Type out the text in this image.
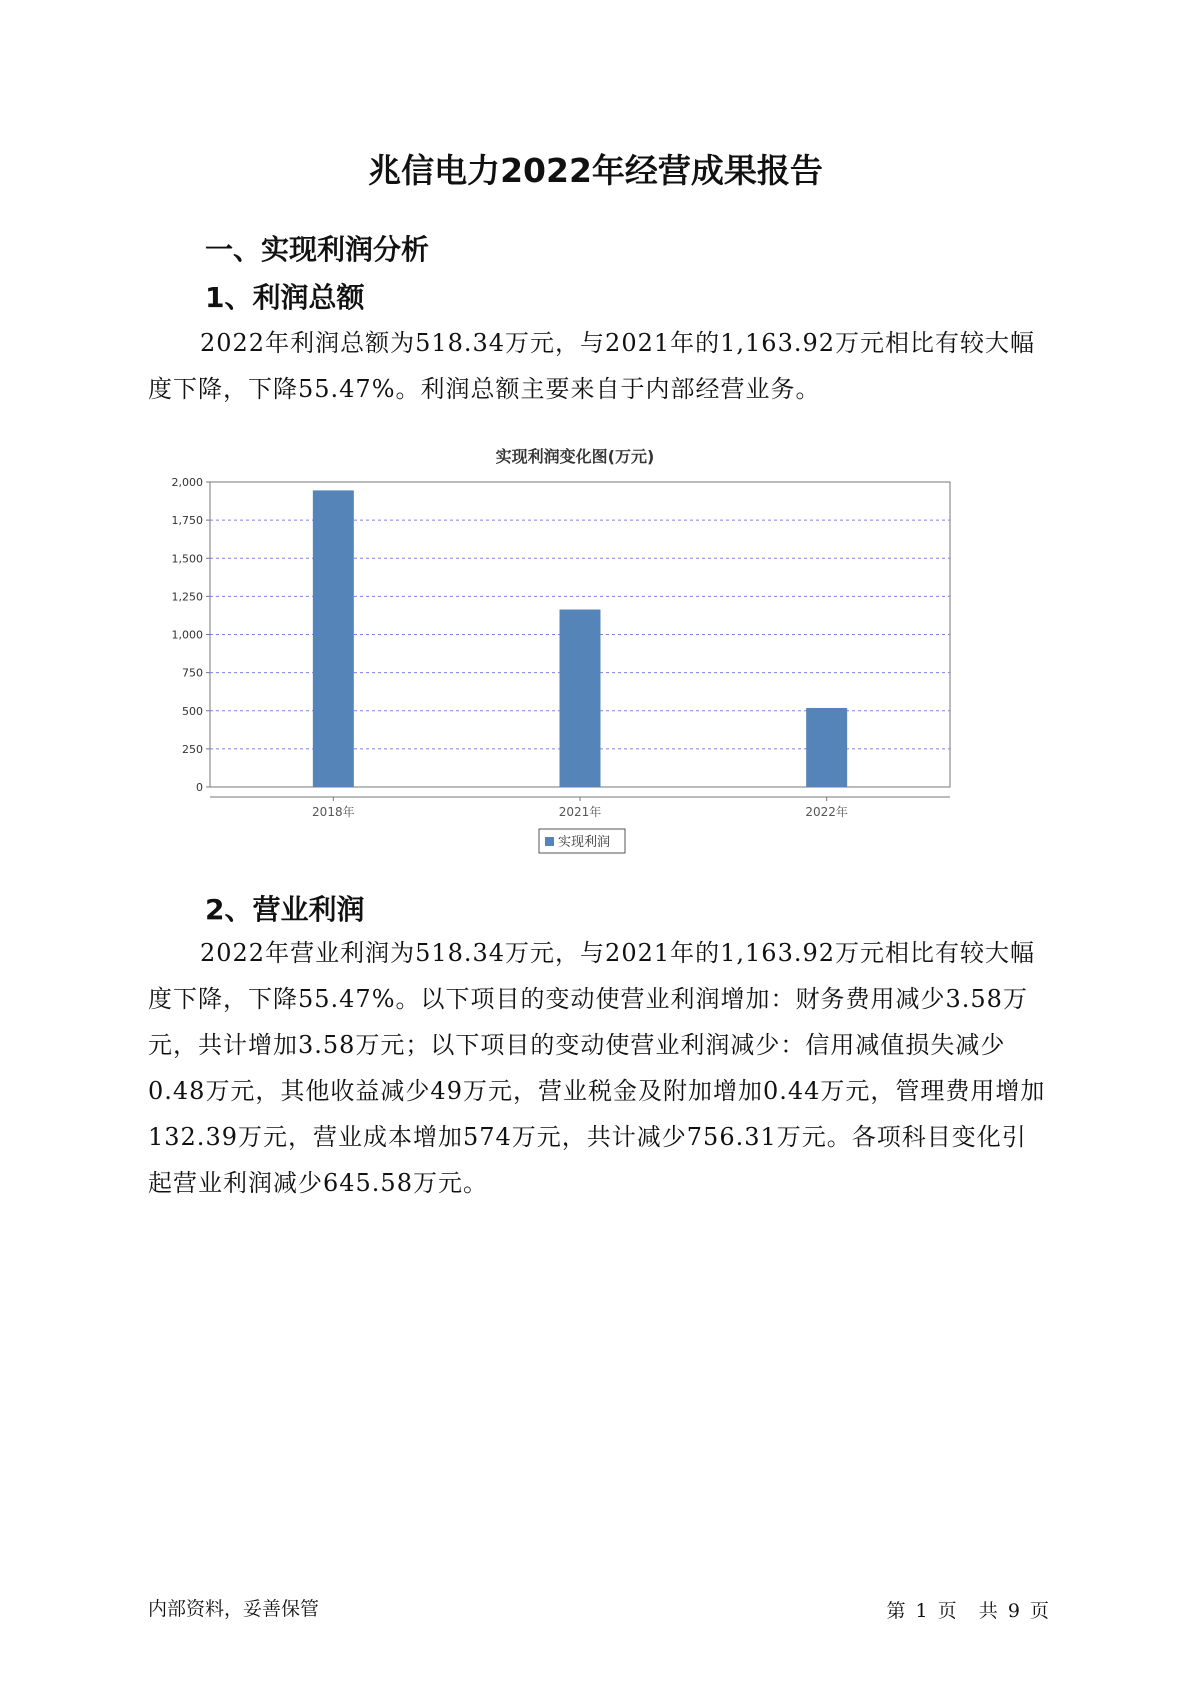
兆信电力2022年经营成果报告
一、实现利润分析
1、利润总额

2022年利润总额为518.34万元，与2021年的1,163.92万元相比有较大幅度下降，下降55.47%。利润总额主要来自于内部经营业务。

实现利润变化图(万元)
0
250
500
750
1,000
1,250
1,500
1,750
2,000
2018年	2021年	2022年
实现利润
2、营业利润

2022年营业利润为518.34万元，与2021年的1,163.92万元相比有较大幅度下降，下降55.47%。以下项目的变动使营业利润增加：财务费用减少3.58万元，共计增加3.58万元；以下项目的变动使营业利润减少：信用减值损失减少0.48万元，其他收益减少49万元，营业税金及附加增加0.44万元，管理费用增加132.39万元，营业成本增加574万元，共计减少756.31万元。各项科目变化引起营业利润减少645.58万元。

内部资料，妥善保管	第 1 页 共 9 页
